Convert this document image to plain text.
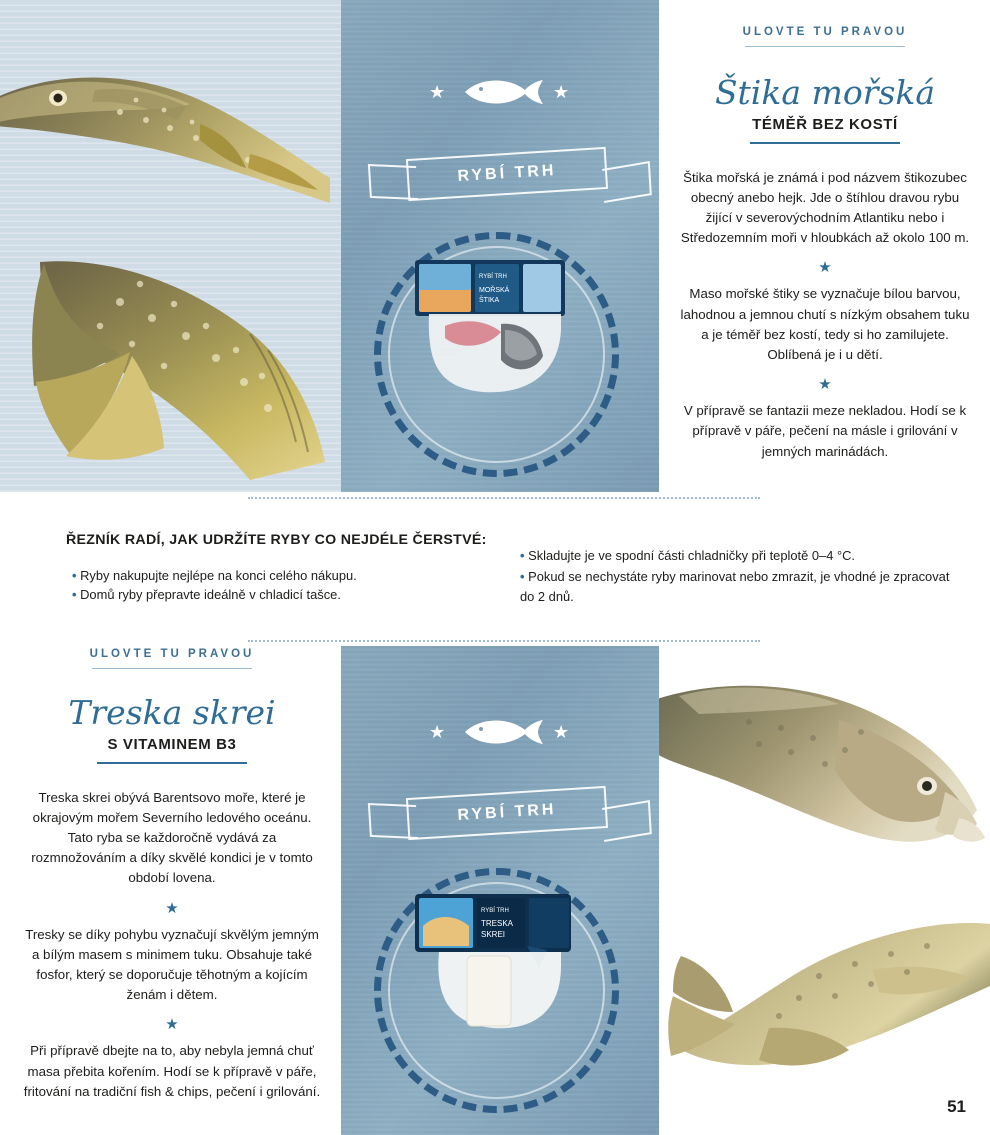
★	★
RYBÍ TRH
RYBÍ TRH
MOŘSKÁ
ŠTIKA
ULOVTE TU PRAVOU
Štika mořská
TÉMĚŘ BEZ KOSTÍ

Štika mořská je známá i pod názvem štikozubec obecný anebo hejk. Jde o štíhlou dravou rybu žijící v severovýchodním Atlantiku nebo i Středozemním moři v hloubkách až okolo 100 m.

★

Maso mořské štiky se vyznačuje bílou barvou, lahodnou a jemnou chutí s nízkým obsahem tuku a je téměř bez kostí, tedy si ho zamilujete. Oblíbená je i u dětí.

★

V přípravě se fantazii meze nekladou. Hodí se k přípravě v páře, pečení na másle i grilování v jemných marinádách.

ŘEZNÍK RADÍ, JAK UDRŽÍTE RYBY CO NEJDÉLE ČERSTVÉ:
• Ryby nakupujte nejlépe na konci celého nákupu.
• Domů ryby přepravte ideálně v chladicí tašce.
• Skladujte je ve spodní části chladničky při teplotě 0–4 °C.
• Pokud se nechystáte ryby marinovat nebo zmrazit, je vhodné je zpracovat do 2 dnů.
ULOVTE TU PRAVOU
Treska skrei
S VITAMINEM B3

Treska skrei obývá Barentsovo moře, které je okrajovým mořem Severního ledového oceánu. Tato ryba se každoročně vydává za rozmnožováním a díky skvělé kondici je v tomto období lovena.

★

Tresky se díky pohybu vyznačují skvělým jemným a bílým masem s minimem tuku. Obsahuje také fosfor, který se doporučuje těhotným a kojícím ženám i dětem.

★

Při přípravě dbejte na to, aby nebyla jemná chuť masa přebita kořením. Hodí se k přípravě v páře, fritování na tradiční fish & chips, pečení i grilování.

★	★
RYBÍ TRH
RYBÍ TRH
TRESKA
SKREI
51
